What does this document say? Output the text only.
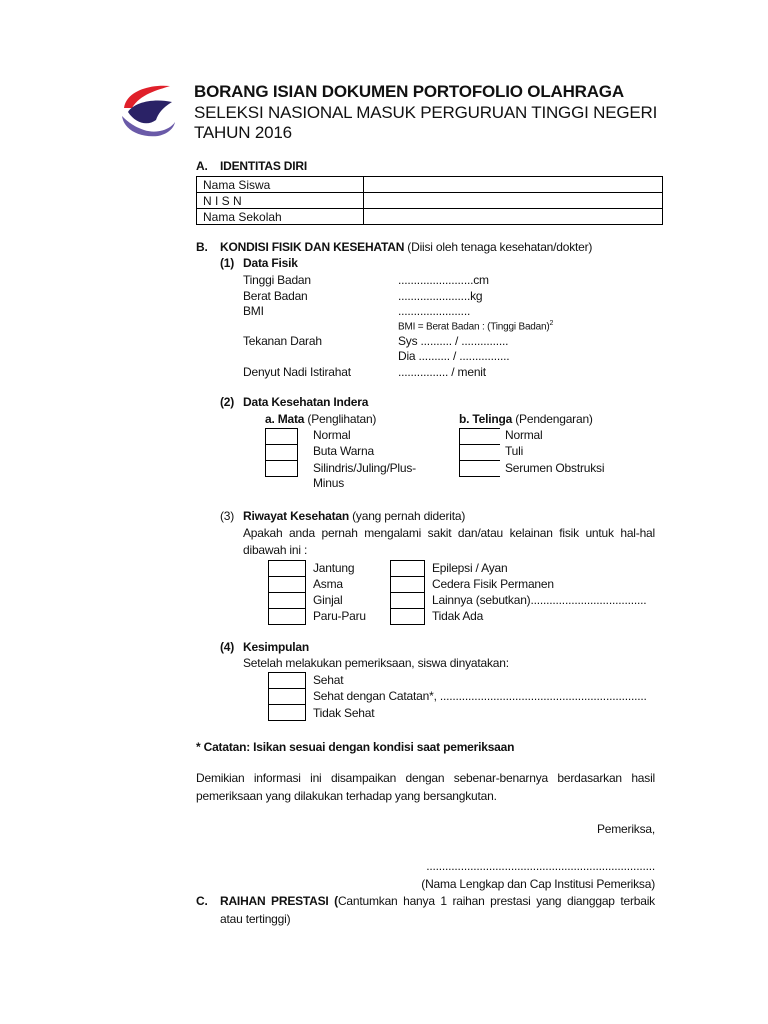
BORANG ISIAN DOKUMEN PORTOFOLIO OLAHRAGA
SELEKSI NASIONAL MASUK PERGURUAN TINGGI NEGERI
TAHUN 2016
A. IDENTITAS DIRI
Nama Siswa	
N I S N	
Nama Sekolah	
B. KONDISI FISIK DAN KESEHATAN (Diisi oleh tenaga kesehatan/dokter)
(1) Data Fisik
Tinggi Badan	........................cm
Berat Badan	.......................kg
BMI	.......................
BMI = Berat Badan : (Tinggi Badan)$^2$
Tekanan Darah	Sys .......... / ...............
Dia .......... / ................
Denyut Nadi Istirahat	................ / menit
(2) Data Kesehatan Indera
a. Mata (Penglihatan)	b. Telinga (Pendengaran)
Normal
Buta Warna
Silindris/Juling/Plus-
Minus
Normal
Tuli
Serumen Obstruksi
(3) Riwayat Kesehatan (yang pernah diderita)
Apakah anda pernah mengalami sakit dan/atau kelainan fisik untuk hal-hal
dibawah ini :
Jantung
Asma
Ginjal
Paru-Paru
Epilepsi / Ayan
Cedera Fisik Permanen
Lainnya (sebutkan).....................................
Tidak Ada
(4) Kesimpulan
Setelah melakukan pemeriksaan, siswa dinyatakan:
Sehat
Sehat dengan Catatan*, ..................................................................
Tidak Sehat
* Catatan: Isikan sesuai dengan kondisi saat pemeriksaan
Demikian informasi ini disampaikan dengan sebenar-benarnya berdasarkan hasil
pemeriksaan yang dilakukan terhadap yang bersangkutan.
Pemeriksa,
.........................................................................
(Nama Lengkap dan Cap Institusi Pemeriksa)
C. RAIHAN PRESTASI (Cantumkan hanya 1 raihan prestasi yang dianggap terbaik
atau tertinggi)
